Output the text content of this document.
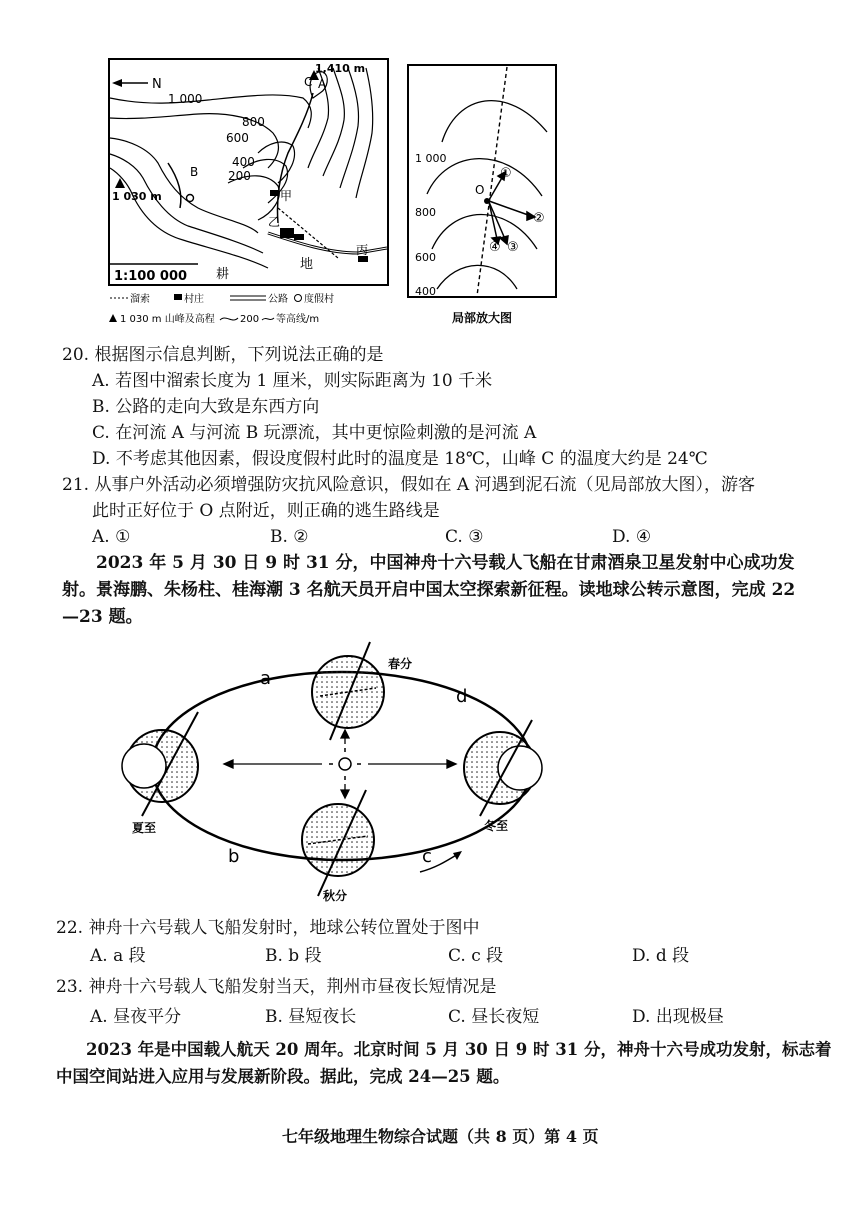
N	C
1,410 m
A
1 000
800
600
400
200
1 030 m
B
甲
乙
丙
耕
地
1:100 000
溜索	村庄	公路 度假村
1 030 m 山峰及高程	200 等高线/m
1 000
800
600
400
O
①
②
③
④
局部放大图
20. 根据图示信息判断，下列说法正确的是
A. 若图中溜索长度为 1 厘米，则实际距离为 10 千米
B. 公路的走向大致是东西方向
C. 在河流 A 与河流 B 玩漂流，其中更惊险刺激的是河流 A
D. 不考虑其他因素，假设度假村此时的温度是 18℃，山峰 C 的温度大约是 24℃
21. 从事户外活动必须增强防灾抗风险意识，假如在 A 河遇到泥石流（见局部放大图），游客
此时正好位于 O 点附近，则正确的逃生路线是
A. ①	B. ②	C. ③	D. ④
2023 年 5 月 30 日 9 时 31 分，中国神舟十六号载人飞船在甘肃酒泉卫星发射中心成功发射。景海鹏、朱杨柱、桂海潮 3 名航天员开启中国太空探索新征程。读地球公转示意图，完成 22—23 题。
a
b	c
d
春分
夏至
秋分
冬至
22. 神舟十六号载人飞船发射时，地球公转位置处于图中
A. a 段	B. b 段	C. c 段	D. d 段
23. 神舟十六号载人飞船发射当天，荆州市昼夜长短情况是
A. 昼夜平分	B. 昼短夜长	C. 昼长夜短	D. 出现极昼
2023 年是中国载人航天 20 周年。北京时间 5 月 30 日 9 时 31 分，神舟十六号成功发射，标志着中国空间站进入应用与发展新阶段。据此，完成 24—25 题。
七年级地理生物综合试题（共 8 页）第 4 页
